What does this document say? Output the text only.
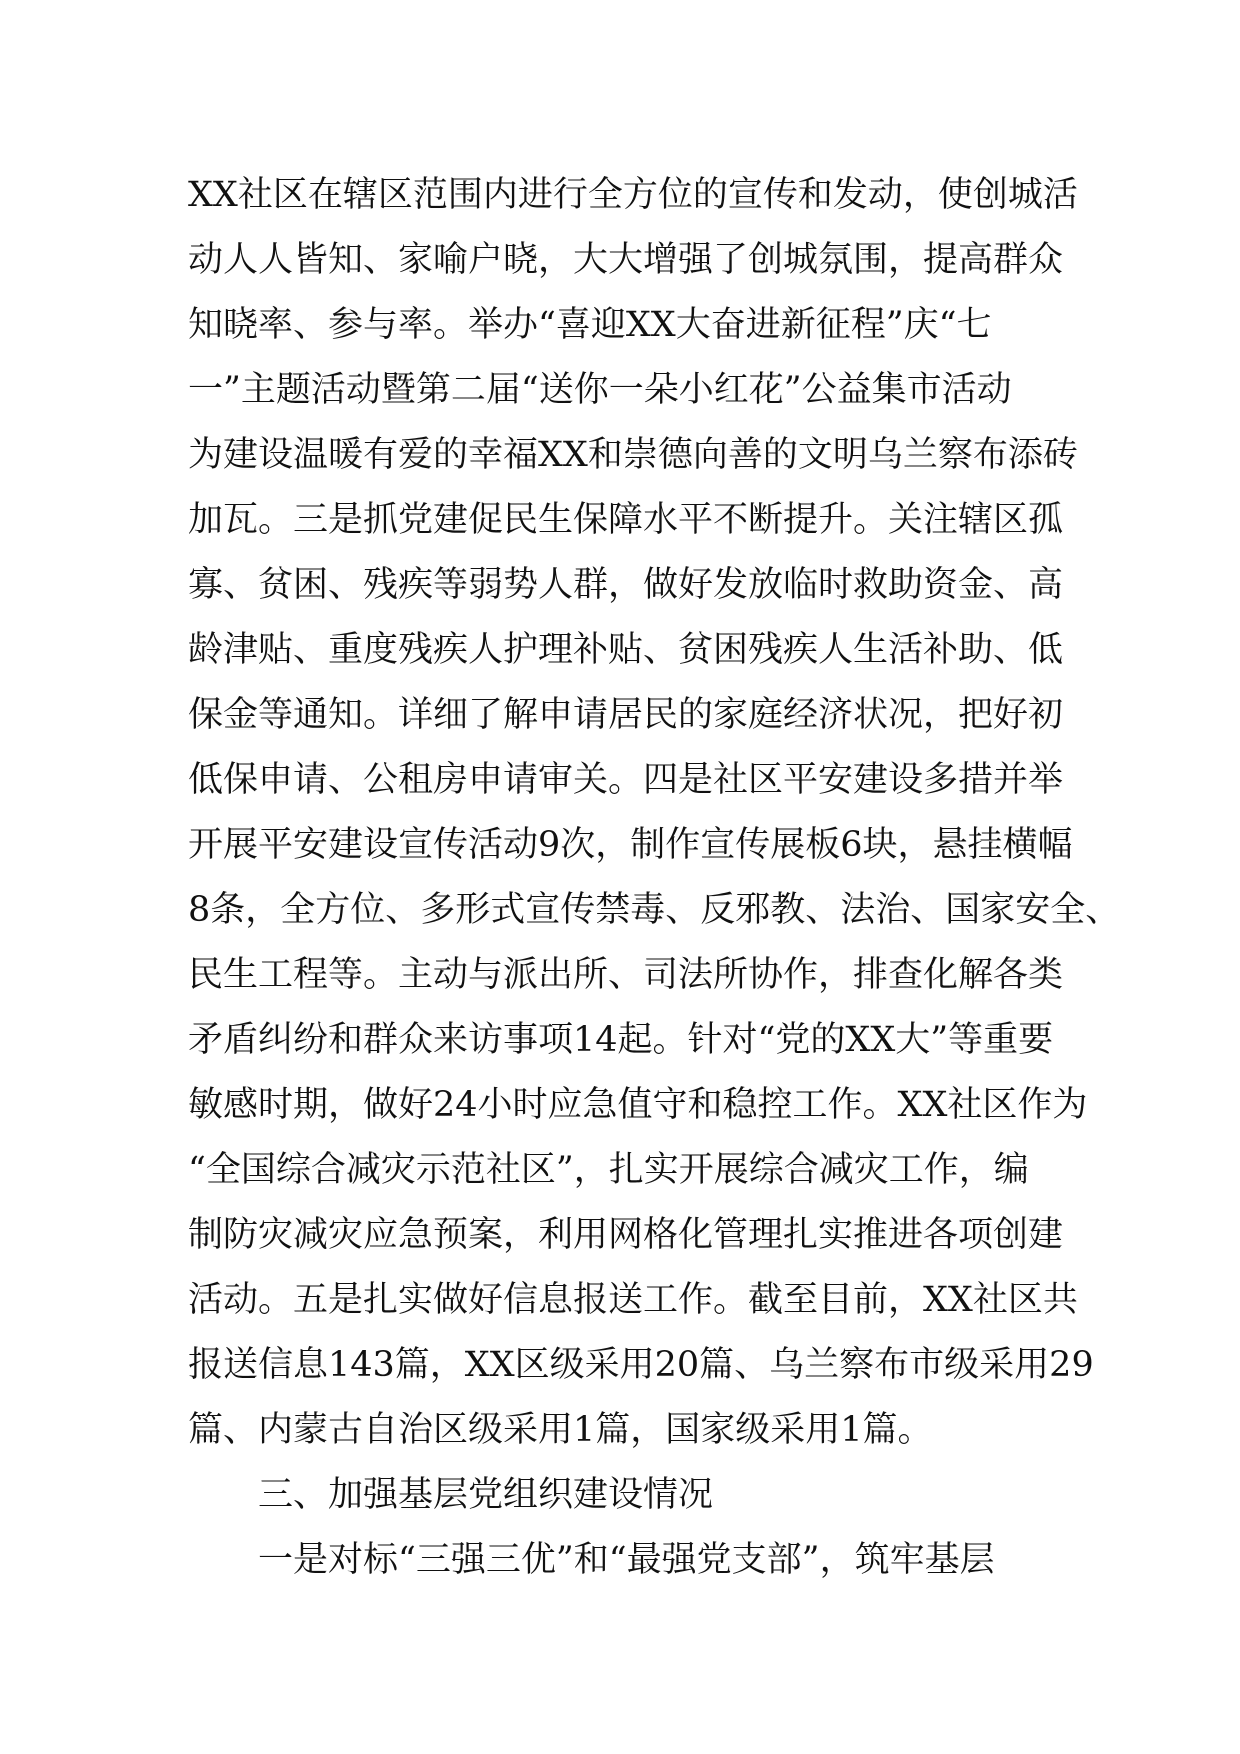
XX社区在辖区范围内进行全方位的宣传和发动，使创城活
动人人皆知、家喻户晓，大大增强了创城氛围，提高群众
知晓率、参与率。举办“喜迎XX大奋进新征程”庆“七
一”主题活动暨第二届“送你一朵小红花”公益集市活动
为建设温暖有爱的幸福XX和崇德向善的文明乌兰察布添砖
加瓦。三是抓党建促民生保障水平不断提升。关注辖区孤
寡、贫困、残疾等弱势人群，做好发放临时救助资金、高
龄津贴、重度残疾人护理补贴、贫困残疾人生活补助、低
保金等通知。详细了解申请居民的家庭经济状况，把好初
低保申请、公租房申请审关。四是社区平安建设多措并举
开展平安建设宣传活动9次，制作宣传展板6块，悬挂横幅
8条，全方位、多形式宣传禁毒、反邪教、法治、国家安全、
民生工程等。主动与派出所、司法所协作，排查化解各类
矛盾纠纷和群众来访事项14起。针对“党的XX大”等重要
敏感时期，做好24小时应急值守和稳控工作。XX社区作为
“全国综合减灾示范社区”，扎实开展综合减灾工作，编
制防灾减灾应急预案，利用网格化管理扎实推进各项创建
活动。五是扎实做好信息报送工作。截至目前，XX社区共
报送信息143篇，XX区级采用20篇、乌兰察布市级采用29
篇、内蒙古自治区级采用1篇，国家级采用1篇。
三、加强基层党组织建设情况
一是对标“三强三优”和“最强党支部”，筑牢基层
